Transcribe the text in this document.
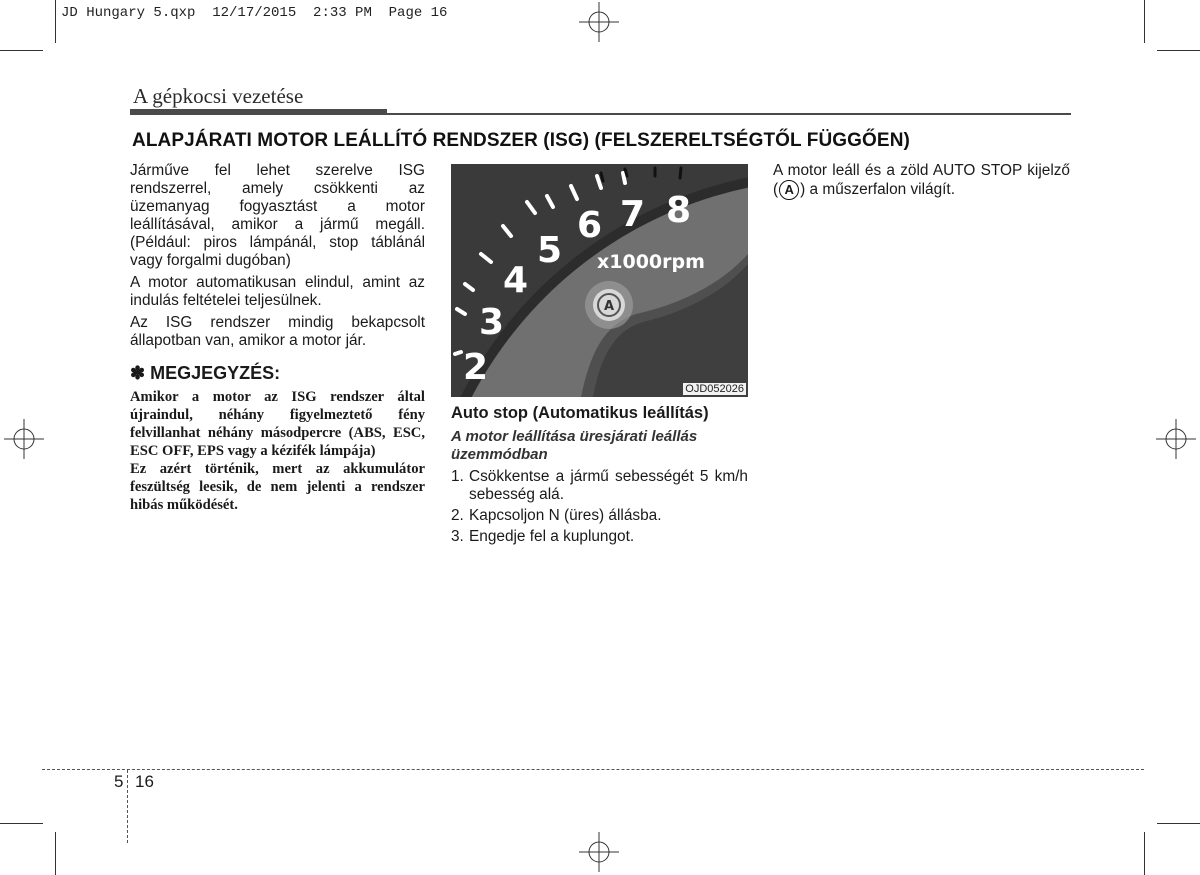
JD Hungary 5.qxp  12/17/2015  2:33 PM  Page 16
A gépkocsi vezetése
ALAPJÁRATI MOTOR LEÁLLÍTÓ RENDSZER (ISG) (FELSZERELTSÉGTŐL FÜGGŐEN)

Járműve fel lehet szerelve ISG rendszerrel, amely csökkenti az üzemanyag fogyasztást a motor leállításával, amikor a jármű megáll. (Például: piros lámpánál, stop táblánál vagy forgalmi dugóban)

A motor automatikusan elindul, amint az indulás feltételei teljesülnek.

Az ISG rendszer mindig bekapcsolt állapotban van, amikor a motor jár.

✽ MEGJEGYZÉS:

Amikor a motor az ISG rendszer által újraindul, néhány figyelmeztető fény felvillanhat néhány másodpercre (ABS, ESC, ESC OFF, EPS vagy a kézifék lámpája)

Ez azért történik, mert az akkumulátor feszültség leesik, de nem jelenti a rendszer hibás működését.

2
3
4
5
6 7 8
x1000rpm
A
OJD052026
Auto stop (Automatikus leállítás)
A motor leállítása üresjárati leállás üzemmódban
1. Csökkentse a jármű sebességét 5 km/h sebesség alá.
2. Kapcsoljon N (üres) állásba.
3. Engedje fel a kuplungot.
A motor leáll és a zöld AUTO STOP kijelző ( A ) a műszerfalon világít.
5 16
